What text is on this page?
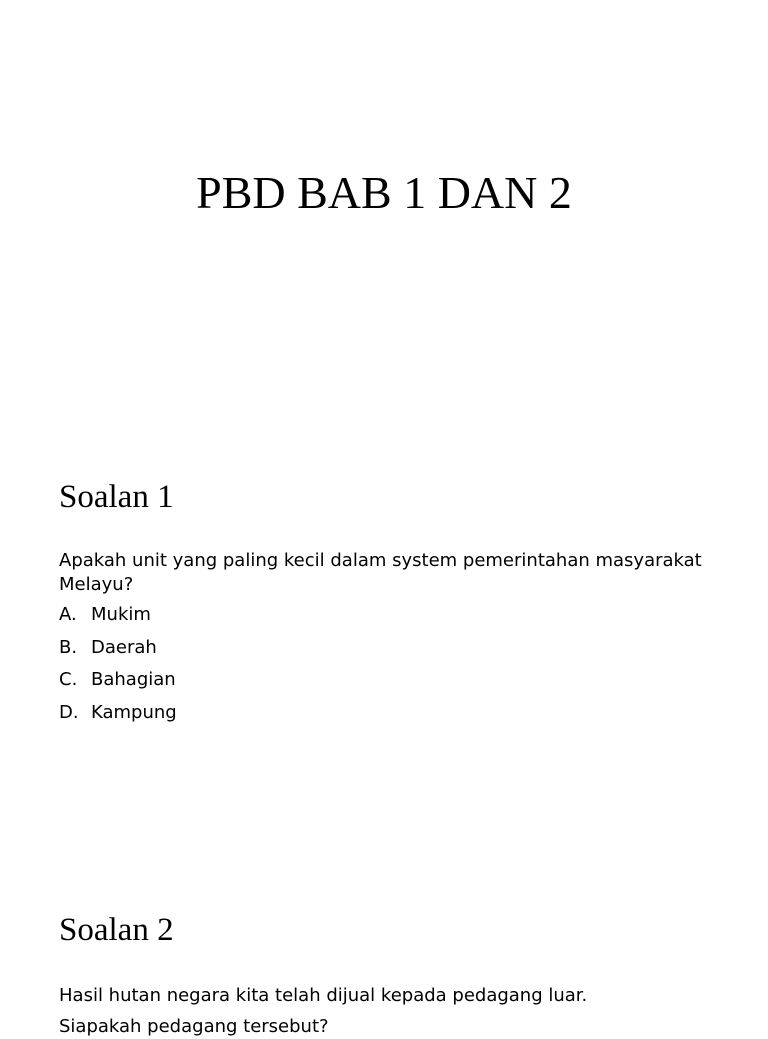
PBD BAB 1 DAN 2
Soalan 1

Apakah unit yang paling kecil dalam system pemerintahan masyarakat Melayu?

A. Mukim
B. Daerah
C. Bahagian
D. Kampung
Soalan 2

Hasil hutan negara kita telah dijual kepada pedagang luar.

Siapakah pedagang tersebut?
